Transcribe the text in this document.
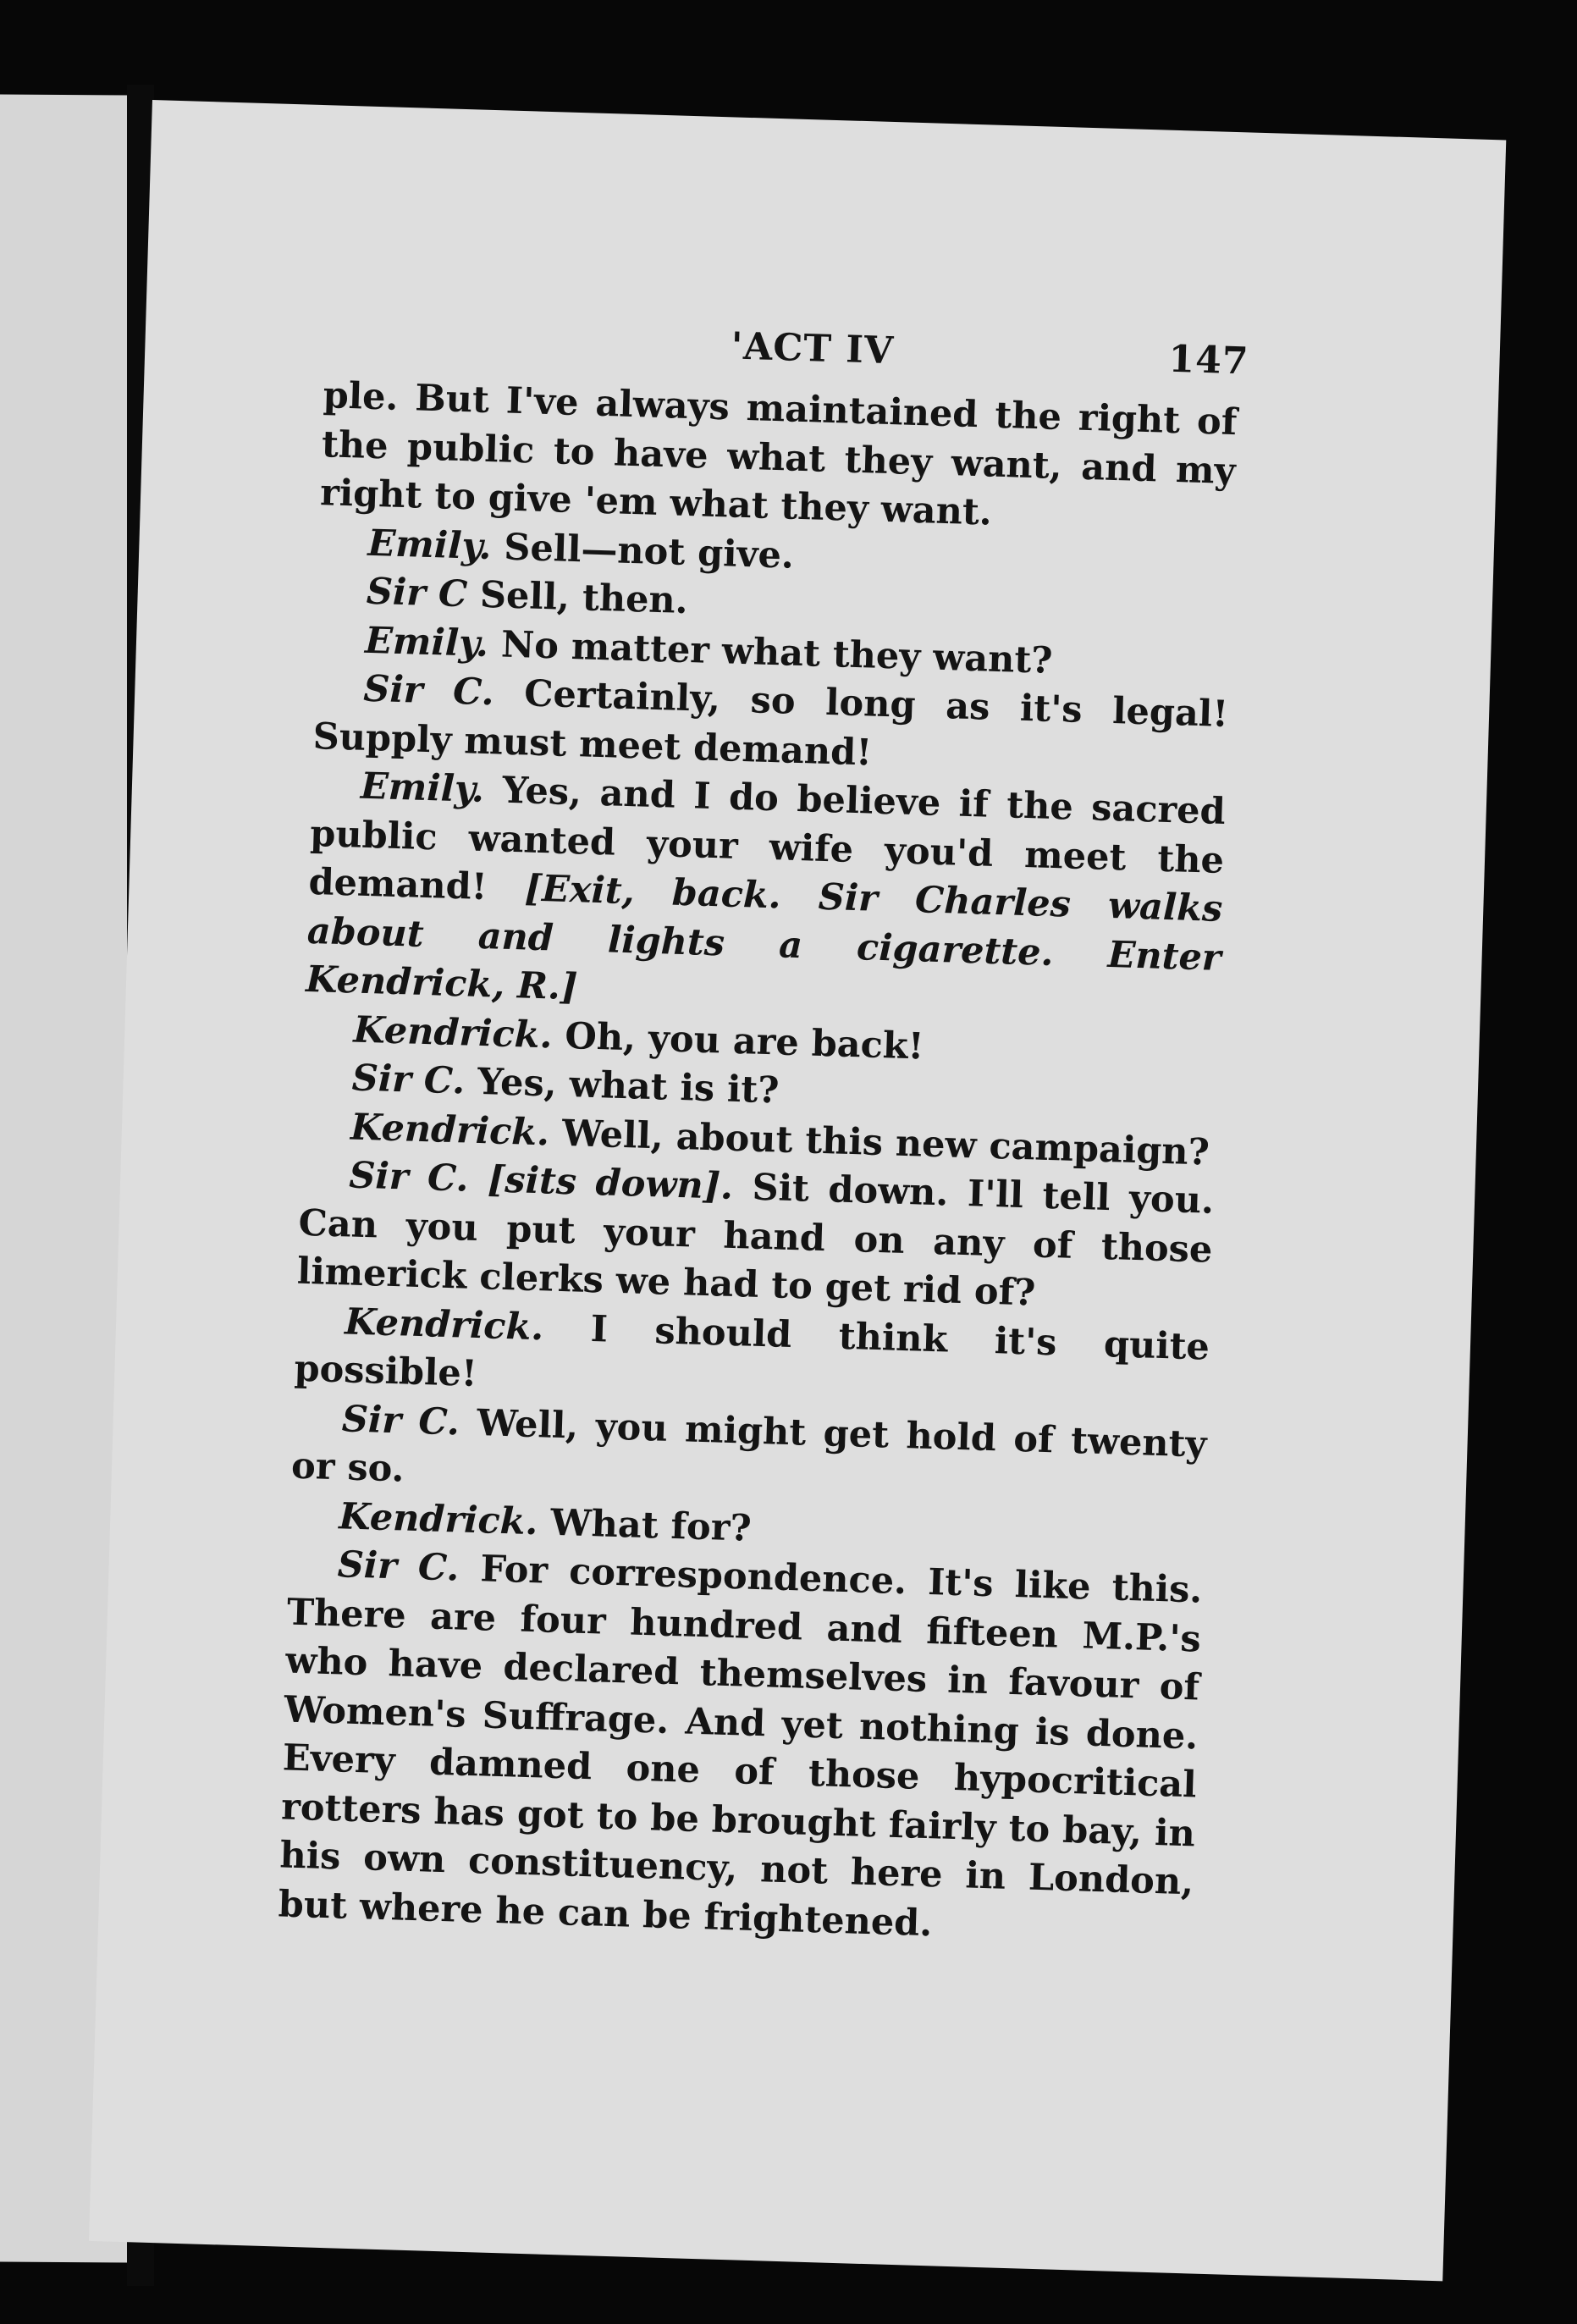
'ACT IV	147

ple. But I've always maintained the right of the public to have what they want, and my right to give 'em what they want.

Emily. Sell—not give.

Sir C Sell, then.

Emily. No matter what they want?

Sir C. Certainly, so long as it's legal! Supply must meet demand!

Emily. Yes, and I do believe if the sacred public wanted your wife you'd meet the demand! [Exit, back. Sir Charles walks about and lights a cigarette. Enter Kendrick, R.]

Kendrick. Oh, you are back!

Sir C. Yes, what is it?

Kendrick. Well, about this new campaign?

Sir C. [sits down]. Sit down. I'll tell you. Can you put your hand on any of those limerick clerks we had to get rid of?

Kendrick. I should think it's quite possible!

Sir C. Well, you might get hold of twenty or so.

Kendrick. What for?

Sir C. For correspondence. It's like this. There are four hundred and fifteen M.P.'s who have declared themselves in favour of Women's Suffrage. And yet nothing is done. Every damned one of those hypocritical rotters has got to be brought fairly to bay, in his own constituency, not here in London, but where he can be frightened.
